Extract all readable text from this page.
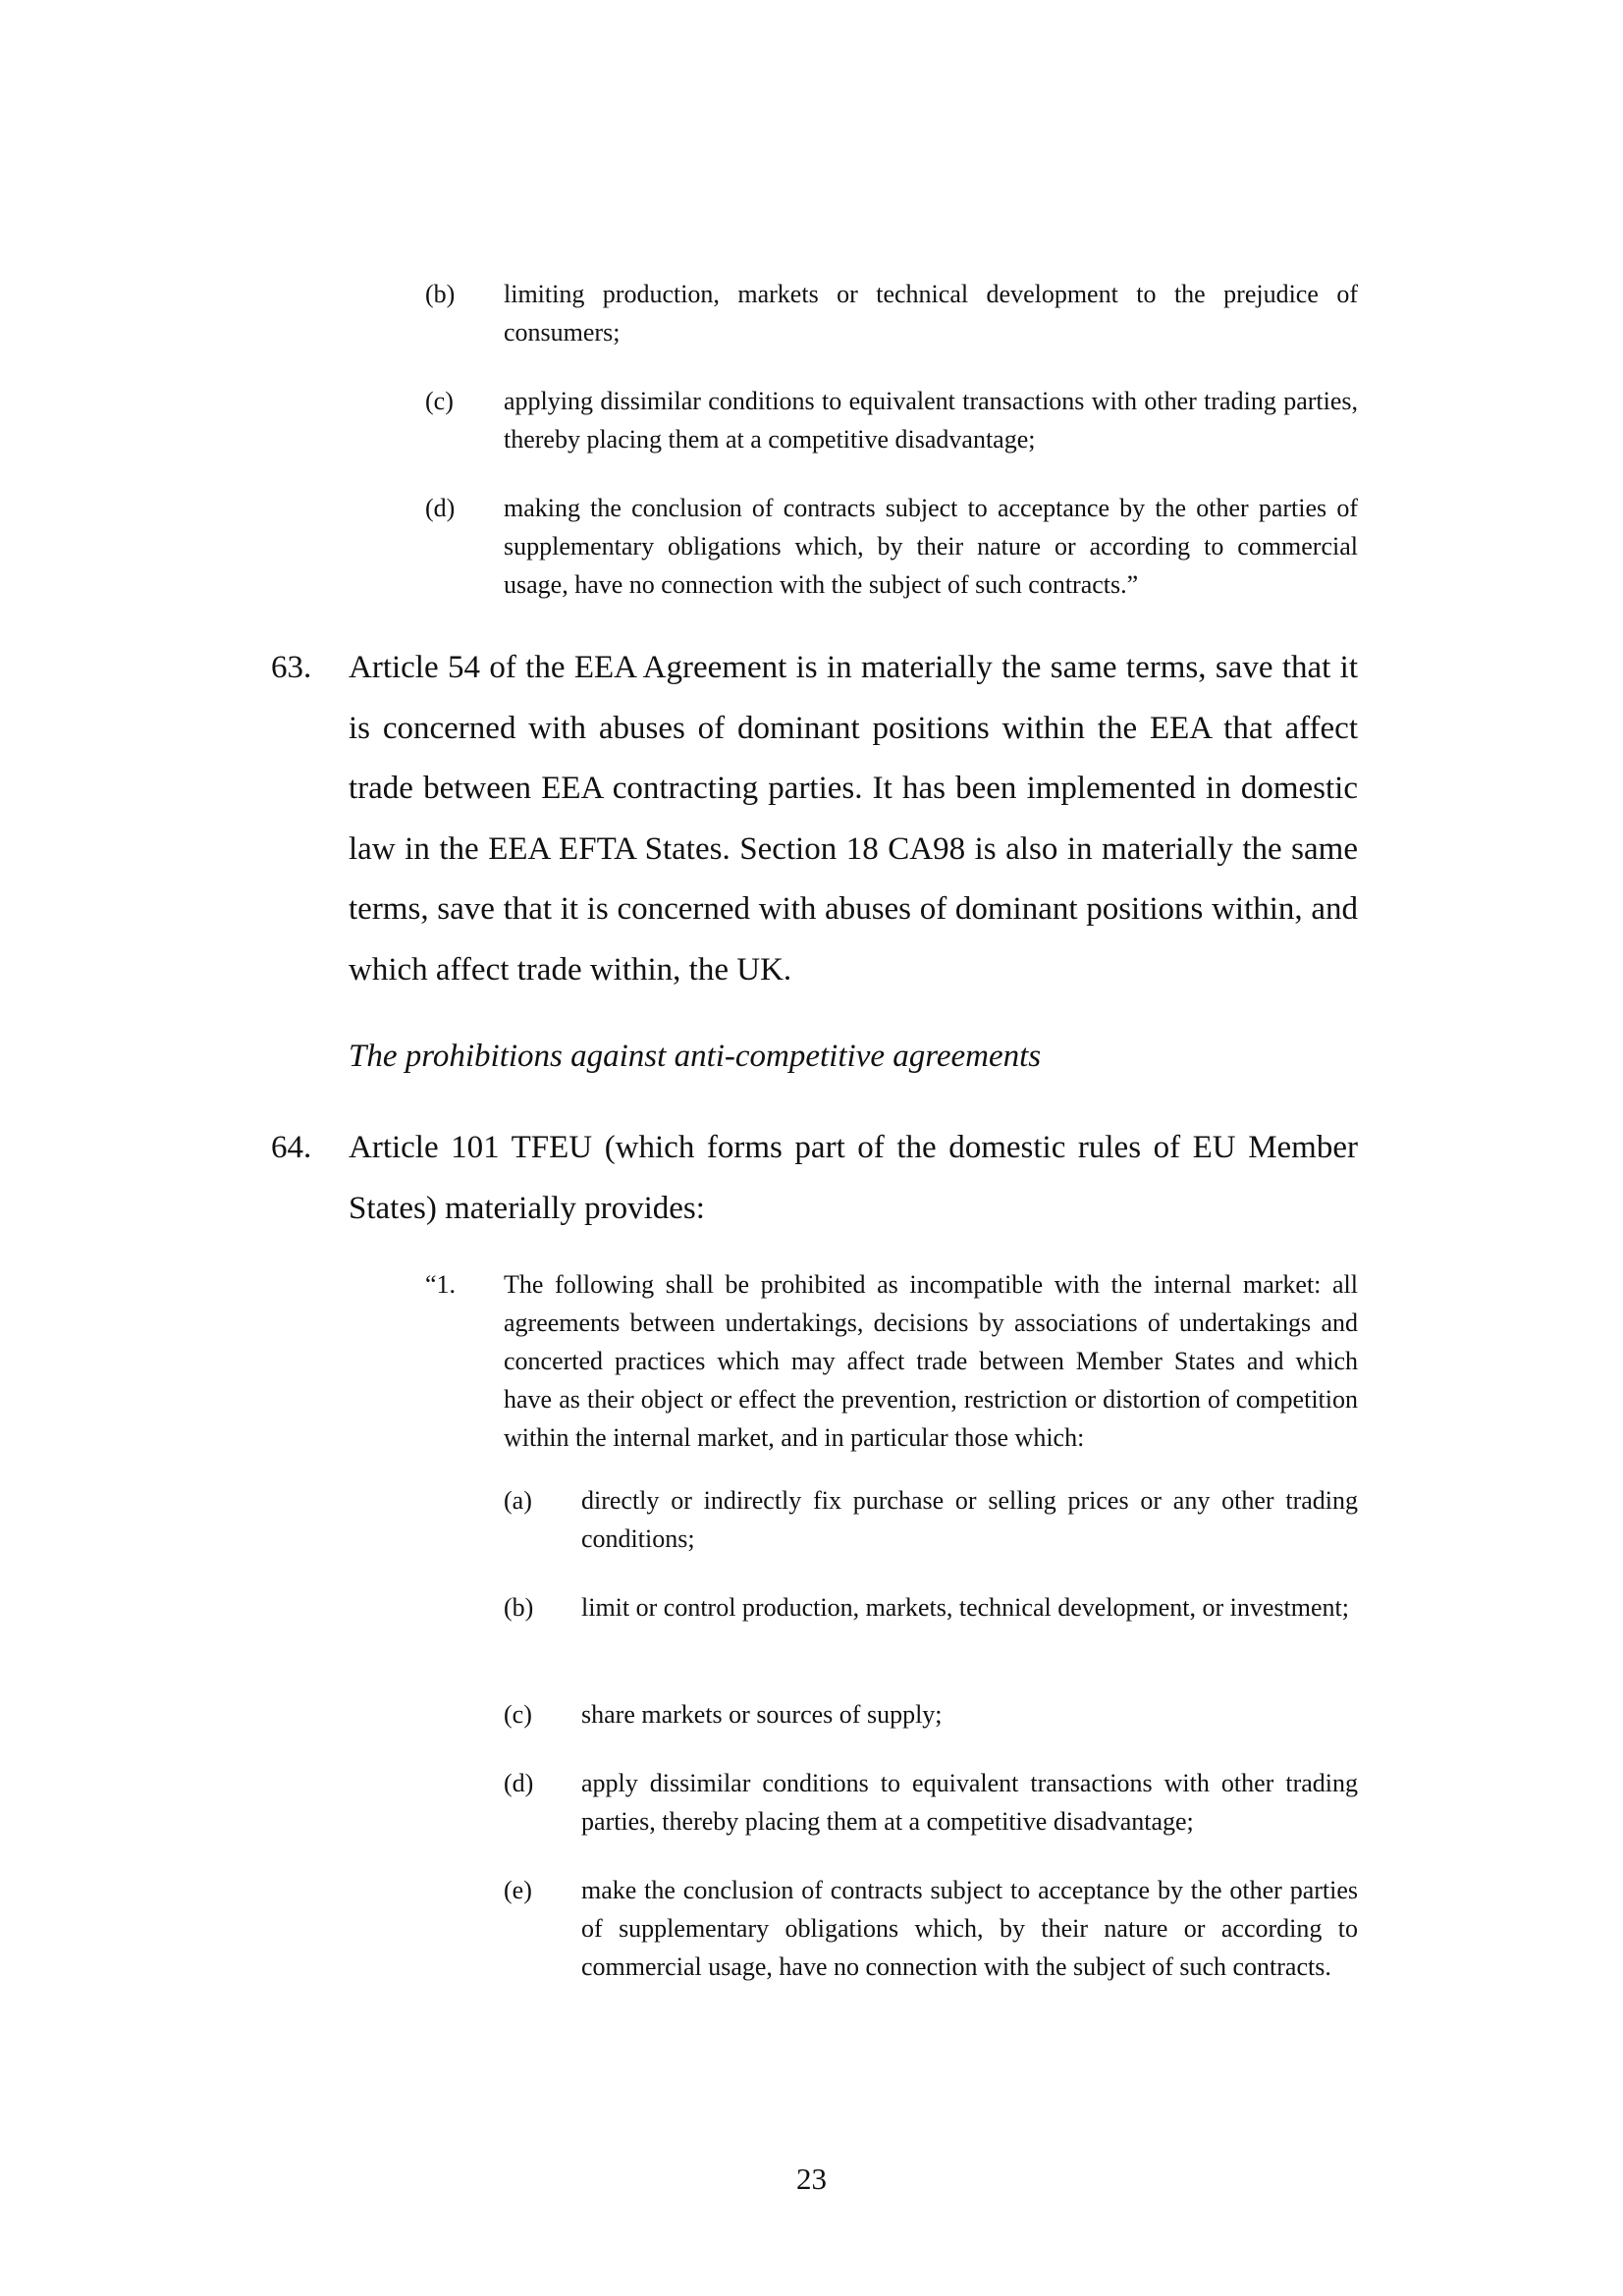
(b) limiting production, markets or technical development to the prejudice of consumers;
(c) applying dissimilar conditions to equivalent transactions with other trading parties, thereby placing them at a competitive disadvantage;
(d) making the conclusion of contracts subject to acceptance by the other parties of supplementary obligations which, by their nature or according to commercial usage, have no connection with the subject of such contracts.”
63. Article 54 of the EEA Agreement is in materially the same terms, save that it is concerned with abuses of dominant positions within the EEA that affect trade between EEA contracting parties. It has been implemented in domestic law in the EEA EFTA States. Section 18 CA98 is also in materially the same terms, save that it is concerned with abuses of dominant positions within, and which affect trade within, the UK.
The prohibitions against anti-competitive agreements
64. Article 101 TFEU (which forms part of the domestic rules of EU Member States) materially provides:
“1. The following shall be prohibited as incompatible with the internal market: all agreements between undertakings, decisions by associations of undertakings and concerted practices which may affect trade between Member States and which have as their object or effect the prevention, restriction or distortion of competition within the internal market, and in particular those which:
(a) directly or indirectly fix purchase or selling prices or any other trading conditions;
(b) limit or control production, markets, technical development, or investment;
(c) share markets or sources of supply;
(d) apply dissimilar conditions to equivalent transactions with other trading parties, thereby placing them at a competitive disadvantage;
(e) make the conclusion of contracts subject to acceptance by the other parties of supplementary obligations which, by their nature or according to commercial usage, have no connection with the subject of such contracts.
23
